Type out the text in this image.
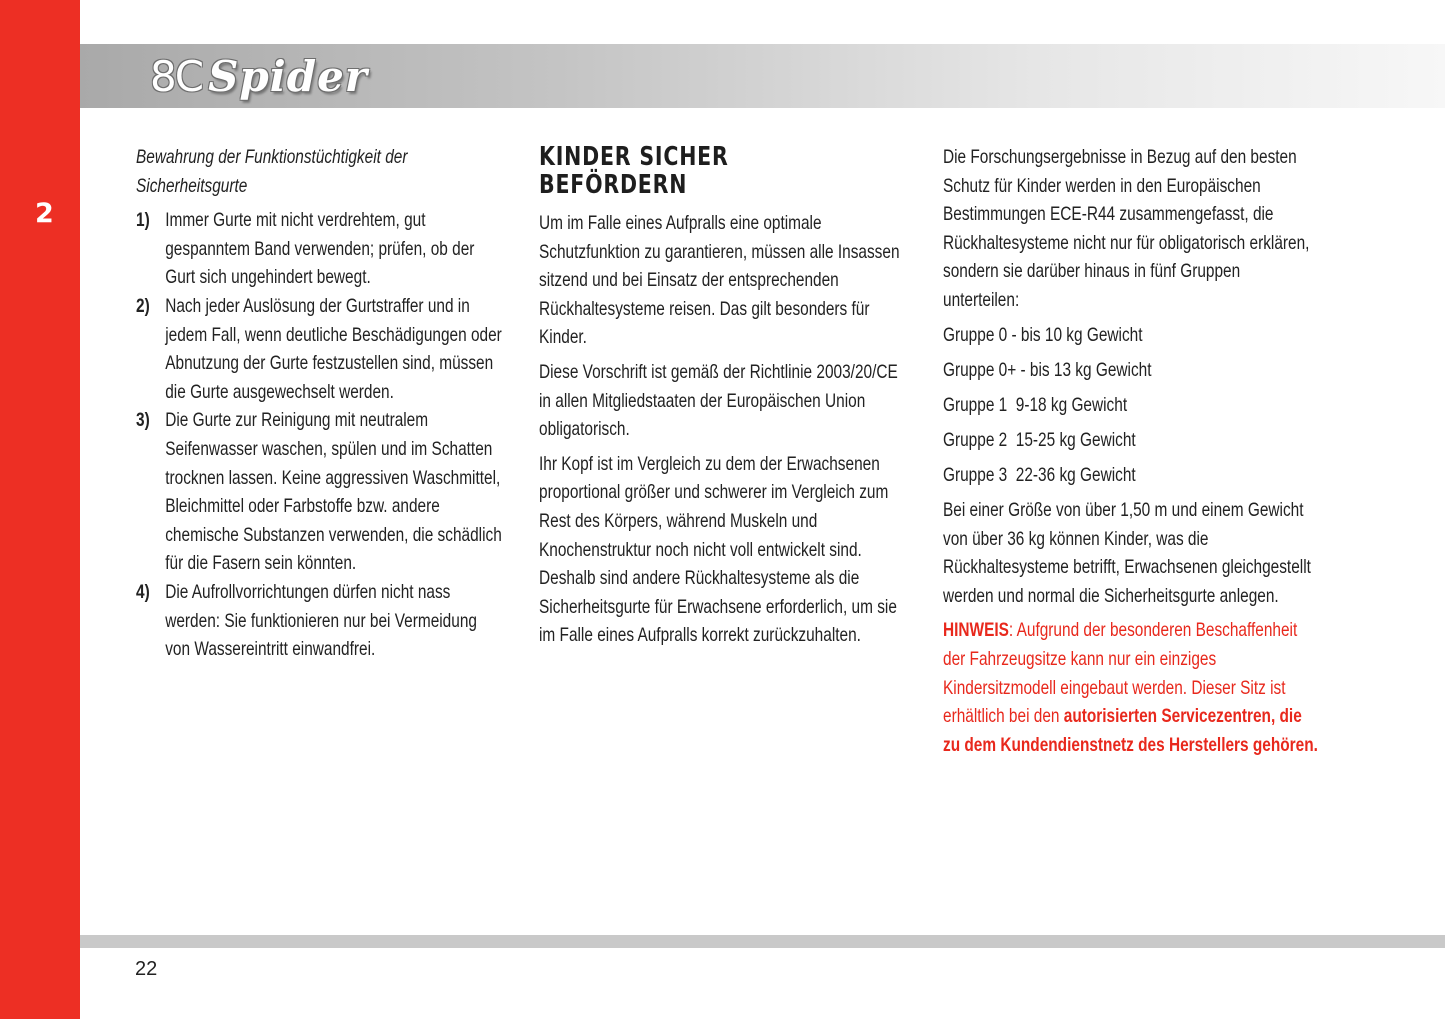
2
8C Spider

Bewahrung der Funktionstüchtigkeit der
Sicherheitsgurte

1) Immer Gurte mit nicht verdrehtem, gut gespanntem Band verwenden; prüfen, ob der Gurt sich ungehindert bewegt.
2) Nach jeder Auslösung der Gurtstraffer und in jedem Fall, wenn deutliche Beschädigungen oder Abnutzung der Gurte festzustellen sind, müssen die Gurte ausgewechselt werden.
3) Die Gurte zur Reinigung mit neutralem Seifenwasser waschen, spülen und im Schatten trocknen lassen. Keine aggressiven Waschmittel, Bleichmittel oder Farbstoffe bzw. andere chemische Substanzen verwenden, die schädlich für die Fasern sein könnten.
4) Die Aufrollvorrichtungen dürfen nicht nass werden: Sie funktionieren nur bei Vermeidung von Wassereintritt einwandfrei.
KINDER SICHER BEFÖRDERN

Um im Falle eines Aufpralls eine optimale Schutzfunktion zu garantieren, müssen alle Insassen sitzend und bei Einsatz der entsprechenden Rückhaltesysteme reisen. Das gilt besonders für Kinder.

Diese Vorschrift ist gemäß der Richtlinie 2003/20/CE in allen Mitgliedstaaten der Europäischen Union obligatorisch.

Ihr Kopf ist im Vergleich zu dem der Erwachsenen proportional größer und schwerer im Vergleich zum Rest des Körpers, während Muskeln und Knochenstruktur noch nicht voll entwickelt sind. Deshalb sind andere Rückhaltesysteme als die Sicherheitsgurte für Erwachsene erforderlich, um sie im Falle eines Aufpralls korrekt zurückzuhalten.

Die Forschungsergebnisse in Bezug auf den besten Schutz für Kinder werden in den Europäischen Bestimmungen ECE-R44 zusammengefasst, die Rückhaltesysteme nicht nur für obligatorisch erklären, sondern sie darüber hinaus in fünf Gruppen unterteilen:

Gruppe 0 - bis 10 kg Gewicht

Gruppe 0+ - bis 13 kg Gewicht

Gruppe 1  9-18 kg Gewicht

Gruppe 2  15-25 kg Gewicht

Gruppe 3  22-36 kg Gewicht

Bei einer Größe von über 1,50 m und einem Gewicht von über 36 kg können Kinder, was die Rückhaltesysteme betrifft, Erwachsenen gleichgestellt werden und normal die Sicherheitsgurte anlegen.

HINWEIS: Aufgrund der besonderen Beschaffenheit der Fahrzeugsitze kann nur ein einziges Kindersitzmodell eingebaut werden. Dieser Sitz ist erhältlich bei den autorisierten Servicezentren, die zu dem Kundendienstnetz des Herstellers gehören.

22
